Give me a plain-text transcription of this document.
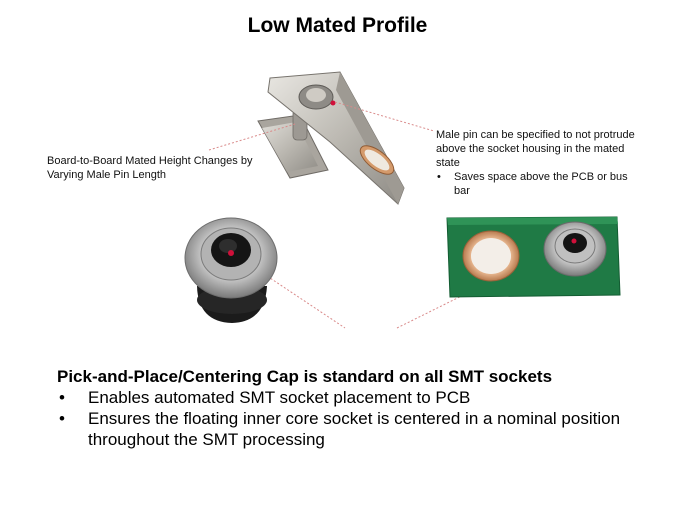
Low Mated Profile
Board-to-Board Mated Height Changes by Varying Male Pin Length
Male pin can be specified to not protrude above the socket housing in the mated state
• Saves space above the PCB or bus bar
Pick-and-Place/Centering Cap is standard on all SMT sockets
• Enables automated SMT socket placement to PCB
• Ensures the floating inner core socket is centered in a nominal position throughout the SMT processing
